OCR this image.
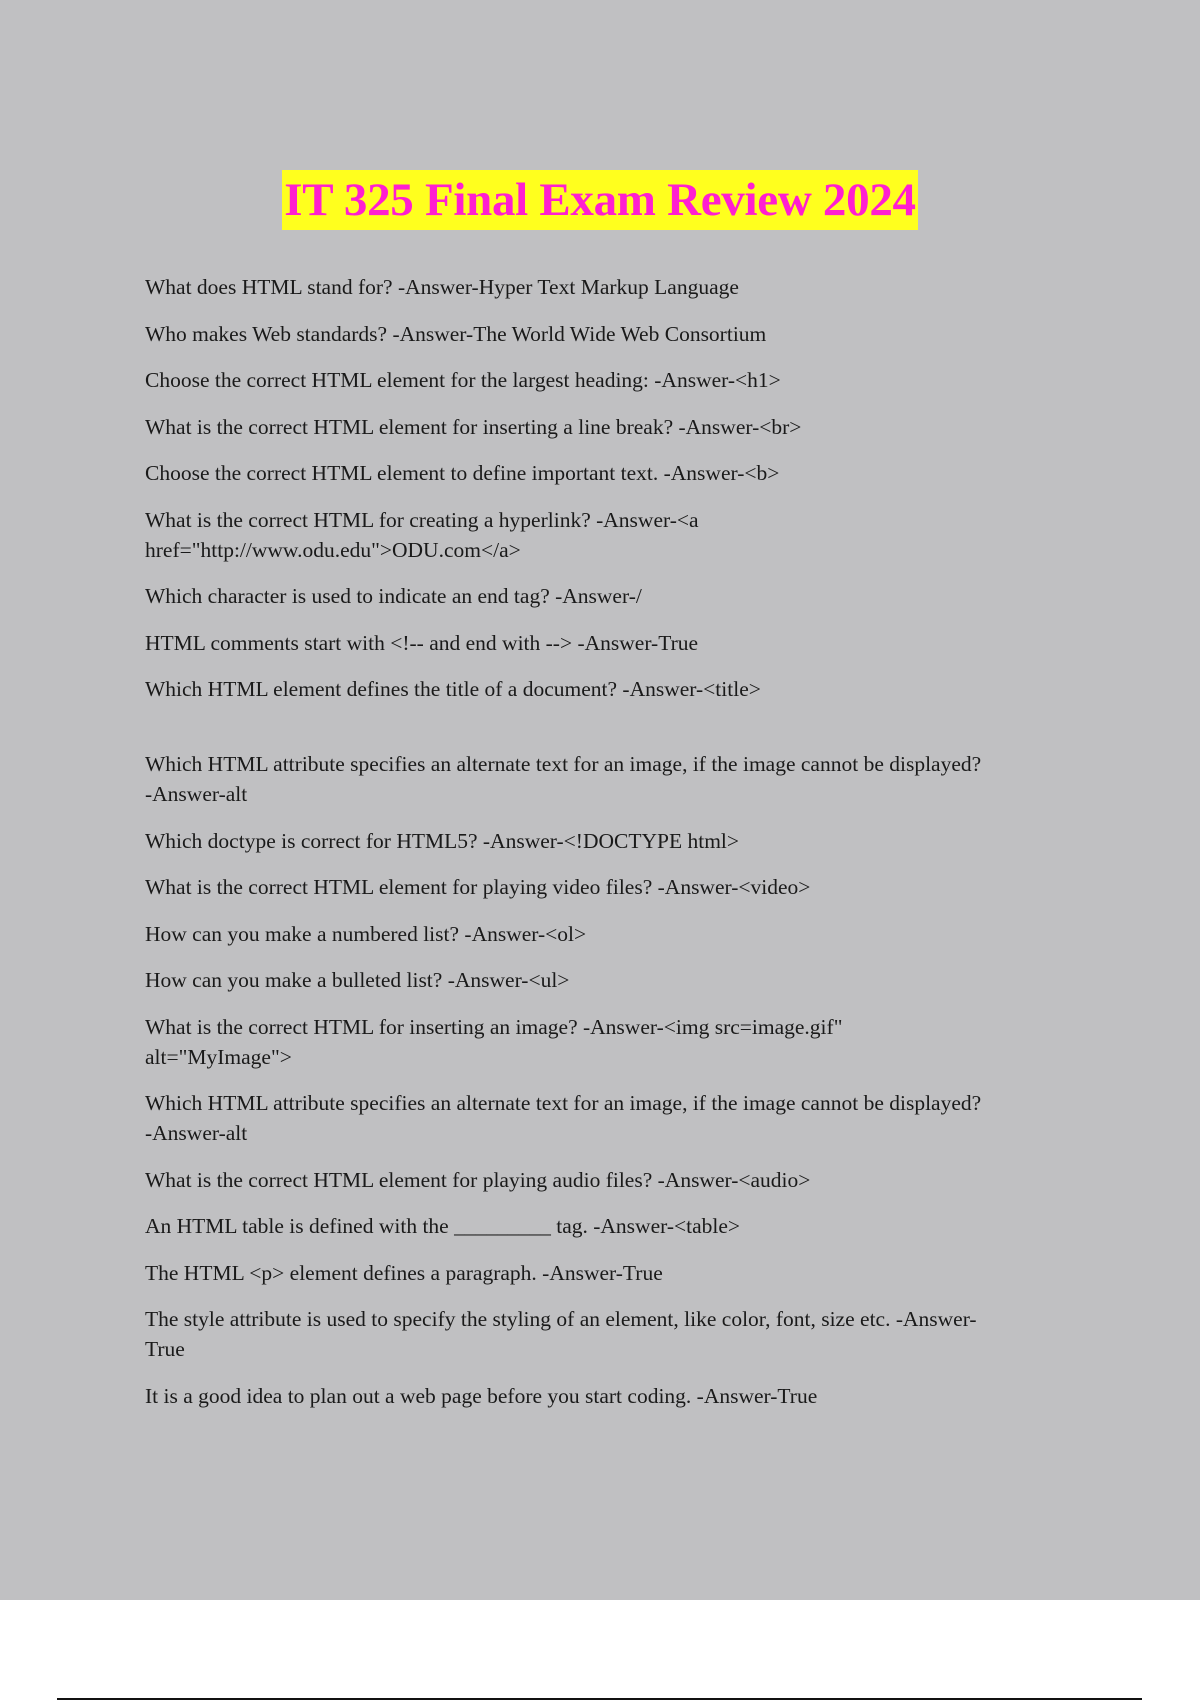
IT 325 Final Exam Review 2024
What does HTML stand for? -Answer-Hyper Text Markup Language
Who makes Web standards? -Answer-The World Wide Web Consortium
Choose the correct HTML element for the largest heading: -Answer-<h1>
What is the correct HTML element for inserting a line break? -Answer-<br>
Choose the correct HTML element to define important text. -Answer-<b>
What is the correct HTML for creating a hyperlink? -Answer-<a
href="http://www.odu.edu">ODU.com</a>
Which character is used to indicate an end tag? -Answer-/
HTML comments start with <!-- and end with --> -Answer-True
Which HTML element defines the title of a document? -Answer-<title>
Which HTML attribute specifies an alternate text for an image, if the image cannot be displayed?
-Answer-alt
Which doctype is correct for HTML5? -Answer-<!DOCTYPE html>
What is the correct HTML element for playing video files? -Answer-<video>
How can you make a numbered list? -Answer-<ol>
How can you make a bulleted list? -Answer-<ul>
What is the correct HTML for inserting an image? -Answer-<img src=image.gif"
alt="MyImage">
Which HTML attribute specifies an alternate text for an image, if the image cannot be displayed?
-Answer-alt
What is the correct HTML element for playing audio files? -Answer-<audio>
An HTML table is defined with the _________ tag. -Answer-<table>
The HTML <p> element defines a paragraph. -Answer-True
The style attribute is used to specify the styling of an element, like color, font, size etc. -Answer-
True
It is a good idea to plan out a web page before you start coding. -Answer-True
